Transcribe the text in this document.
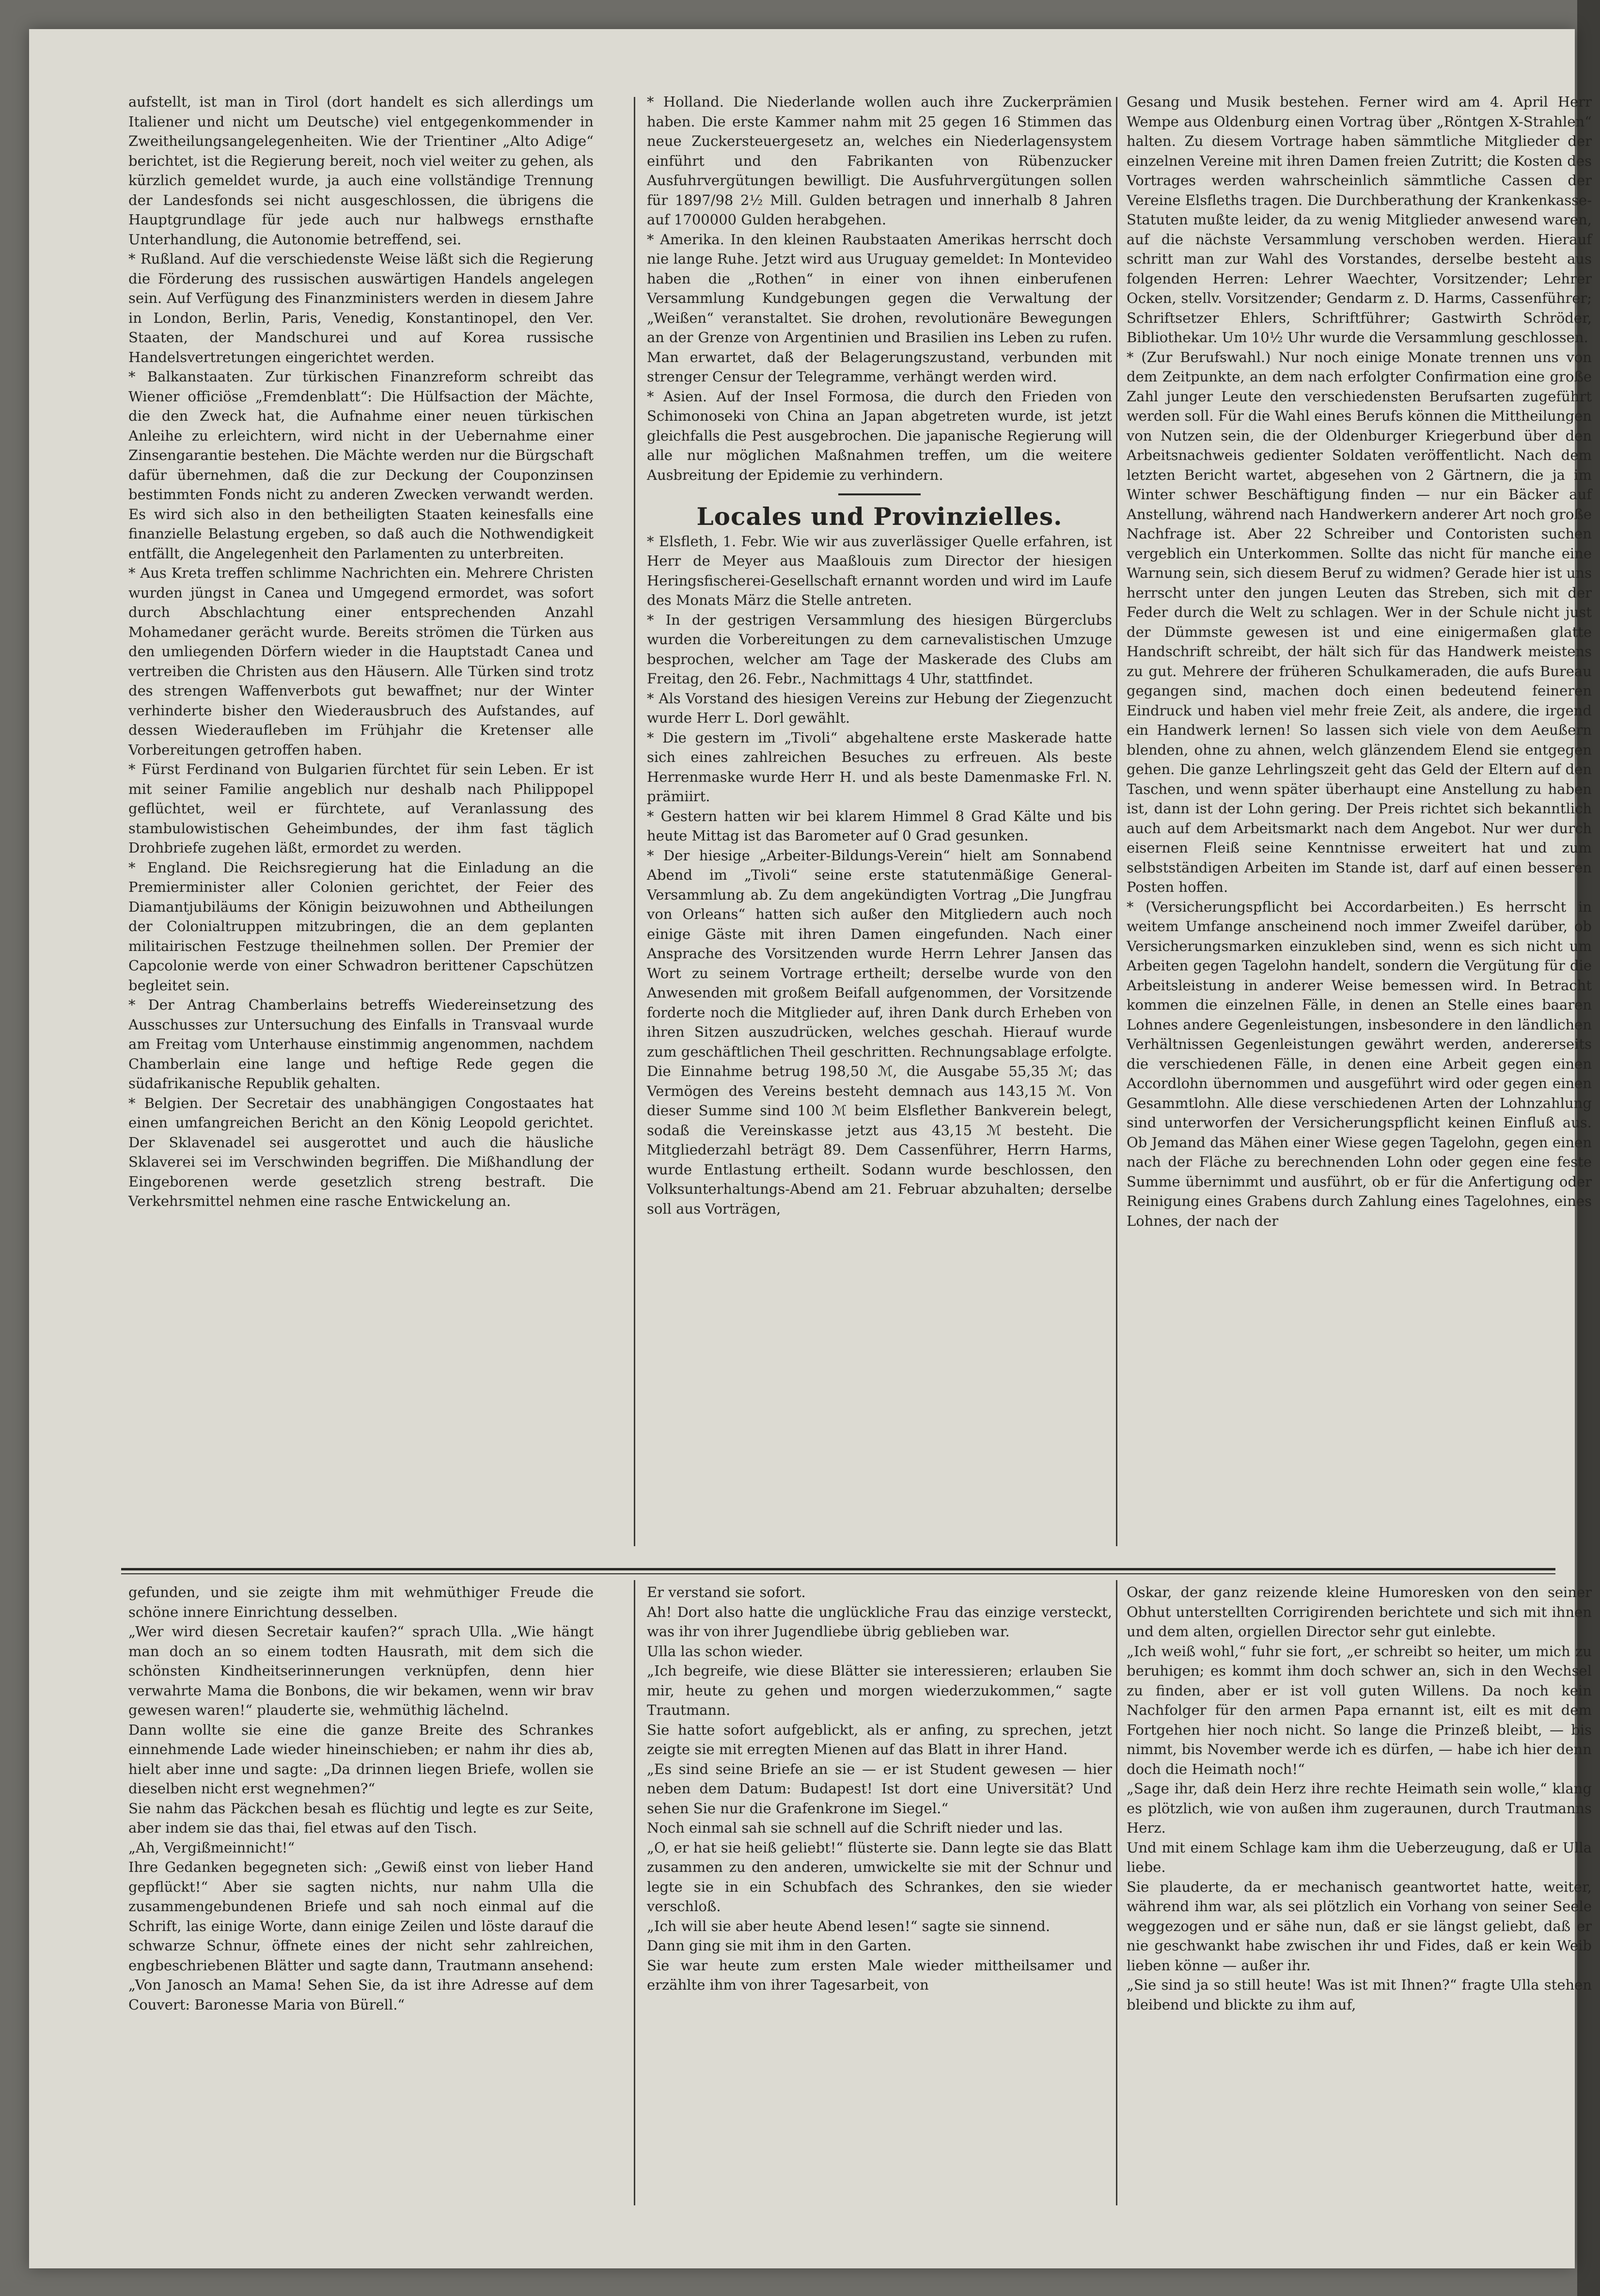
aufstellt, ist man in Tirol (dort handelt es sich allerdings um Italiener und nicht um Deutsche) viel entgegenkommender in Zweitheilungsangelegenheiten. Wie der Trientiner „Alto Adige“ berichtet, ist die Regierung bereit, noch viel weiter zu gehen, als kürzlich gemeldet wurde, ja auch eine vollständige Trennung der Landesfonds sei nicht ausgeschlossen, die übrigens die Hauptgrundlage für jede auch nur halbwegs ernsthafte Unterhandlung, die Autonomie betreffend, sei.

* Rußland. Auf die verschiedenste Weise läßt sich die Regierung die Förderung des russischen auswärtigen Handels angelegen sein. Auf Verfügung des Finanzministers werden in diesem Jahre in London, Berlin, Paris, Venedig, Konstantinopel, den Ver. Staaten, der Mandschurei und auf Korea russische Handelsvertretungen eingerichtet werden.

* Balkanstaaten. Zur türkischen Finanzreform schreibt das Wiener officiöse „Fremdenblatt“: Die Hülfsaction der Mächte, die den Zweck hat, die Aufnahme einer neuen türkischen Anleihe zu erleichtern, wird nicht in der Uebernahme einer Zinsengarantie bestehen. Die Mächte werden nur die Bürgschaft dafür übernehmen, daß die zur Deckung der Couponzinsen bestimmten Fonds nicht zu anderen Zwecken verwandt werden. Es wird sich also in den betheiligten Staaten keinesfalls eine finanzielle Belastung ergeben, so daß auch die Nothwendigkeit entfällt, die Angelegenheit den Parlamenten zu unterbreiten.

* Aus Kreta treffen schlimme Nachrichten ein. Mehrere Christen wurden jüngst in Canea und Umgegend ermordet, was sofort durch Abschlachtung einer entsprechenden Anzahl Mohamedaner gerächt wurde. Bereits strömen die Türken aus den umliegenden Dörfern wieder in die Hauptstadt Canea und vertreiben die Christen aus den Häusern. Alle Türken sind trotz des strengen Waffenverbots gut bewaffnet; nur der Winter verhinderte bisher den Wiederausbruch des Aufstandes, auf dessen Wiederaufleben im Frühjahr die Kretenser alle Vorbereitungen getroffen haben.

* Fürst Ferdinand von Bulgarien fürchtet für sein Leben. Er ist mit seiner Familie angeblich nur deshalb nach Philippopel geflüchtet, weil er fürchtete, auf Veranlassung des stambulowistischen Geheimbundes, der ihm fast täglich Drohbriefe zugehen läßt, ermordet zu werden.

* England. Die Reichsregierung hat die Einladung an die Premierminister aller Colonien gerichtet, der Feier des Diamantjubiläums der Königin beizuwohnen und Abtheilungen der Colonialtruppen mitzubringen, die an dem geplanten militairischen Festzuge theilnehmen sollen. Der Premier der Capcolonie werde von einer Schwadron berittener Capschützen begleitet sein.

* Der Antrag Chamberlains betreffs Wiedereinsetzung des Ausschusses zur Untersuchung des Einfalls in Transvaal wurde am Freitag vom Unterhause einstimmig angenommen, nachdem Chamberlain eine lange und heftige Rede gegen die südafrikanische Republik gehalten.

* Belgien. Der Secretair des unabhängigen Congostaates hat einen umfangreichen Bericht an den König Leopold gerichtet. Der Sklavenadel sei ausgerottet und auch die häusliche Sklaverei sei im Verschwinden begriffen. Die Mißhandlung der Eingeborenen werde gesetzlich streng bestraft. Die Verkehrsmittel nehmen eine rasche Entwickelung an.

* Holland. Die Niederlande wollen auch ihre Zuckerprämien haben. Die erste Kammer nahm mit 25 gegen 16 Stimmen das neue Zuckersteuergesetz an, welches ein Niederlagensystem einführt und den Fabrikanten von Rübenzucker Ausfuhrvergütungen bewilligt. Die Ausfuhrvergütungen sollen für 1897/98 2½ Mill. Gulden betragen und innerhalb 8 Jahren auf 1700000 Gulden herabgehen.

* Amerika. In den kleinen Raubstaaten Amerikas herrscht doch nie lange Ruhe. Jetzt wird aus Uruguay gemeldet: In Montevideo haben die „Rothen“ in einer von ihnen einberufenen Versammlung Kundgebungen gegen die Verwaltung der „Weißen“ veranstaltet. Sie drohen, revolutionäre Bewegungen an der Grenze von Argentinien und Brasilien ins Leben zu rufen. Man erwartet, daß der Belagerungszustand, verbunden mit strenger Censur der Telegramme, verhängt werden wird.

* Asien. Auf der Insel Formosa, die durch den Frieden von Schimonoseki von China an Japan abgetreten wurde, ist jetzt gleichfalls die Pest ausgebrochen. Die japanische Regierung will alle nur möglichen Maßnahmen treffen, um die weitere Ausbreitung der Epidemie zu verhindern.

Locales und Provinzielles.

* Elsfleth, 1. Febr. Wie wir aus zuverlässiger Quelle erfahren, ist Herr de Meyer aus Maaßlouis zum Director der hiesigen Heringsfischerei-Gesellschaft ernannt worden und wird im Laufe des Monats März die Stelle antreten.

* In der gestrigen Versammlung des hiesigen Bürgerclubs wurden die Vorbereitungen zu dem carnevalistischen Umzuge besprochen, welcher am Tage der Maskerade des Clubs am Freitag, den 26. Febr., Nachmittags 4 Uhr, stattfindet.

* Als Vorstand des hiesigen Vereins zur Hebung der Ziegenzucht wurde Herr L. Dorl gewählt.

* Die gestern im „Tivoli“ abgehaltene erste Maskerade hatte sich eines zahlreichen Besuches zu erfreuen. Als beste Herrenmaske wurde Herr H. und als beste Damenmaske Frl. N. prämiirt.

* Gestern hatten wir bei klarem Himmel 8 Grad Kälte und bis heute Mittag ist das Barometer auf 0 Grad gesunken.

* Der hiesige „Arbeiter-Bildungs-Verein“ hielt am Sonnabend Abend im „Tivoli“ seine erste statutenmäßige General-Versammlung ab. Zu dem angekündigten Vortrag „Die Jungfrau von Orleans“ hatten sich außer den Mitgliedern auch noch einige Gäste mit ihren Damen eingefunden. Nach einer Ansprache des Vorsitzenden wurde Herrn Lehrer Jansen das Wort zu seinem Vortrage ertheilt; derselbe wurde von den Anwesenden mit großem Beifall aufgenommen, der Vorsitzende forderte noch die Mitglieder auf, ihren Dank durch Erheben von ihren Sitzen auszudrücken, welches geschah. Hierauf wurde zum geschäftlichen Theil geschritten. Rechnungsablage erfolgte. Die Einnahme betrug 198,50 ℳ, die Ausgabe 55,35 ℳ; das Vermögen des Vereins besteht demnach aus 143,15 ℳ. Von dieser Summe sind 100 ℳ beim Elsflether Bankverein belegt, sodaß die Vereinskasse jetzt aus 43,15 ℳ besteht. Die Mitgliederzahl beträgt 89. Dem Cassenführer, Herrn Harms, wurde Entlastung ertheilt. Sodann wurde beschlossen, den Volksunterhaltungs-Abend am 21. Februar abzuhalten; derselbe soll aus Vorträgen,

Gesang und Musik bestehen. Ferner wird am 4. April Herr Wempe aus Oldenburg einen Vortrag über „Röntgen X-Strahlen“ halten. Zu diesem Vortrage haben sämmtliche Mitglieder der einzelnen Vereine mit ihren Damen freien Zutritt; die Kosten des Vortrages werden wahrscheinlich sämmtliche Cassen der Vereine Elsfleths tragen. Die Durchberathung der Krankenkasse-Statuten mußte leider, da zu wenig Mitglieder anwesend waren, auf die nächste Versammlung verschoben werden. Hierauf schritt man zur Wahl des Vorstandes, derselbe besteht aus folgenden Herren: Lehrer Waechter, Vorsitzender; Lehrer Ocken, stellv. Vorsitzender; Gendarm z. D. Harms, Cassenführer; Schriftsetzer Ehlers, Schriftführer; Gastwirth Schröder, Bibliothekar. Um 10½ Uhr wurde die Versammlung geschlossen.

* (Zur Berufswahl.) Nur noch einige Monate trennen uns von dem Zeitpunkte, an dem nach erfolgter Confirmation eine große Zahl junger Leute den verschiedensten Berufsarten zugeführt werden soll. Für die Wahl eines Berufs können die Mittheilungen von Nutzen sein, die der Oldenburger Kriegerbund über den Arbeitsnachweis gedienter Soldaten veröffentlicht. Nach dem letzten Bericht wartet, abgesehen von 2 Gärtnern, die ja im Winter schwer Beschäftigung finden — nur ein Bäcker auf Anstellung, während nach Handwerkern anderer Art noch große Nachfrage ist. Aber 22 Schreiber und Contoristen suchen vergeblich ein Unterkommen. Sollte das nicht für manche eine Warnung sein, sich diesem Beruf zu widmen? Gerade hier ist uns herrscht unter den jungen Leuten das Streben, sich mit der Feder durch die Welt zu schlagen. Wer in der Schule nicht just der Dümmste gewesen ist und eine einigermaßen glatte Handschrift schreibt, der hält sich für das Handwerk meistens zu gut. Mehrere der früheren Schulkameraden, die aufs Bureau gegangen sind, machen doch einen bedeutend feineren Eindruck und haben viel mehr freie Zeit, als andere, die irgend ein Handwerk lernen! So lassen sich viele von dem Aeußern blenden, ohne zu ahnen, welch glänzendem Elend sie entgegen gehen. Die ganze Lehrlingszeit geht das Geld der Eltern auf den Taschen, und wenn später überhaupt eine Anstellung zu haben ist, dann ist der Lohn gering. Der Preis richtet sich bekanntlich auch auf dem Arbeitsmarkt nach dem Angebot. Nur wer durch eisernen Fleiß seine Kenntnisse erweitert hat und zum selbstständigen Arbeiten im Stande ist, darf auf einen besseren Posten hoffen.

* (Versicherungspflicht bei Accordarbeiten.) Es herrscht in weitem Umfange anscheinend noch immer Zweifel darüber, ob Versicherungsmarken einzukleben sind, wenn es sich nicht um Arbeiten gegen Tagelohn handelt, sondern die Vergütung für die Arbeitsleistung in anderer Weise bemessen wird. In Betracht kommen die einzelnen Fälle, in denen an Stelle eines baaren Lohnes andere Gegenleistungen, insbesondere in den ländlichen Verhältnissen Gegenleistungen gewährt werden, andererseits die verschiedenen Fälle, in denen eine Arbeit gegen einen Accordlohn übernommen und ausgeführt wird oder gegen einen Gesammtlohn. Alle diese verschiedenen Arten der Lohnzahlung sind unterworfen der Versicherungspflicht keinen Einfluß aus. Ob Jemand das Mähen einer Wiese gegen Tagelohn, gegen einen nach der Fläche zu berechnenden Lohn oder gegen eine feste Summe übernimmt und ausführt, ob er für die Anfertigung oder Reinigung eines Grabens durch Zahlung eines Tagelohnes, eines Lohnes, der nach der

gefunden, und sie zeigte ihm mit wehmüthiger Freude die schöne innere Einrichtung desselben.

„Wer wird diesen Secretair kaufen?“ sprach Ulla. „Wie hängt man doch an so einem todten Hausrath, mit dem sich die schönsten Kindheitserinnerungen verknüpfen, denn hier verwahrte Mama die Bonbons, die wir bekamen, wenn wir brav gewesen waren!“ plauderte sie, wehmüthig lächelnd.

Dann wollte sie eine die ganze Breite des Schrankes einnehmende Lade wieder hineinschieben; er nahm ihr dies ab, hielt aber inne und sagte: „Da drinnen liegen Briefe, wollen sie dieselben nicht erst wegnehmen?“

Sie nahm das Päckchen besah es flüchtig und legte es zur Seite, aber indem sie das thai, fiel etwas auf den Tisch.

„Ah, Vergißmeinnicht!“

Ihre Gedanken begegneten sich: „Gewiß einst von lieber Hand gepflückt!“ Aber sie sagten nichts, nur nahm Ulla die zusammengebundenen Briefe und sah noch einmal auf die Schrift, las einige Worte, dann einige Zeilen und löste darauf die schwarze Schnur, öffnete eines der nicht sehr zahlreichen, engbeschriebenen Blätter und sagte dann, Trautmann ansehend: „Von Janosch an Mama! Sehen Sie, da ist ihre Adresse auf dem Couvert: Baronesse Maria von Bürell.“

Er verstand sie sofort.

Ah! Dort also hatte die unglückliche Frau das einzige versteckt, was ihr von ihrer Jugendliebe übrig geblieben war.

Ulla las schon wieder.

„Ich begreife, wie diese Blätter sie interessieren; erlauben Sie mir, heute zu gehen und morgen wiederzukommen,“ sagte Trautmann.

Sie hatte sofort aufgeblickt, als er anfing, zu sprechen, jetzt zeigte sie mit erregten Mienen auf das Blatt in ihrer Hand.

„Es sind seine Briefe an sie — er ist Student gewesen — hier neben dem Datum: Budapest! Ist dort eine Universität? Und sehen Sie nur die Grafenkrone im Siegel.“

Noch einmal sah sie schnell auf die Schrift nieder und las.

„O, er hat sie heiß geliebt!“ flüsterte sie. Dann legte sie das Blatt zusammen zu den anderen, umwickelte sie mit der Schnur und legte sie in ein Schubfach des Schrankes, den sie wieder verschloß.

„Ich will sie aber heute Abend lesen!“ sagte sie sinnend.

Dann ging sie mit ihm in den Garten.

Sie war heute zum ersten Male wieder mittheilsamer und erzählte ihm von ihrer Tagesarbeit, von

Oskar, der ganz reizende kleine Humoresken von den seiner Obhut unterstellten Corrigirenden berichtete und sich mit ihnen und dem alten, orgiellen Director sehr gut einlebte.

„Ich weiß wohl,“ fuhr sie fort, „er schreibt so heiter, um mich zu beruhigen; es kommt ihm doch schwer an, sich in den Wechsel zu finden, aber er ist voll guten Willens. Da noch kein Nachfolger für den armen Papa ernannt ist, eilt es mit dem Fortgehen hier noch nicht. So lange die Prinzeß bleibt, — bis nimmt, bis November werde ich es dürfen, — habe ich hier denn doch die Heimath noch!“

„Sage ihr, daß dein Herz ihre rechte Heimath sein wolle,“ klang es plötzlich, wie von außen ihm zugeraunen, durch Trautmanns Herz.

Und mit einem Schlage kam ihm die Ueberzeugung, daß er Ulla liebe.

Sie plauderte, da er mechanisch geantwortet hatte, weiter, während ihm war, als sei plötzlich ein Vorhang von seiner Seele weggezogen und er sähe nun, daß er sie längst geliebt, daß er nie geschwankt habe zwischen ihr und Fides, daß er kein Weib lieben könne — außer ihr.

„Sie sind ja so still heute! Was ist mit Ihnen?“ fragte Ulla stehen bleibend und blickte zu ihm auf,
